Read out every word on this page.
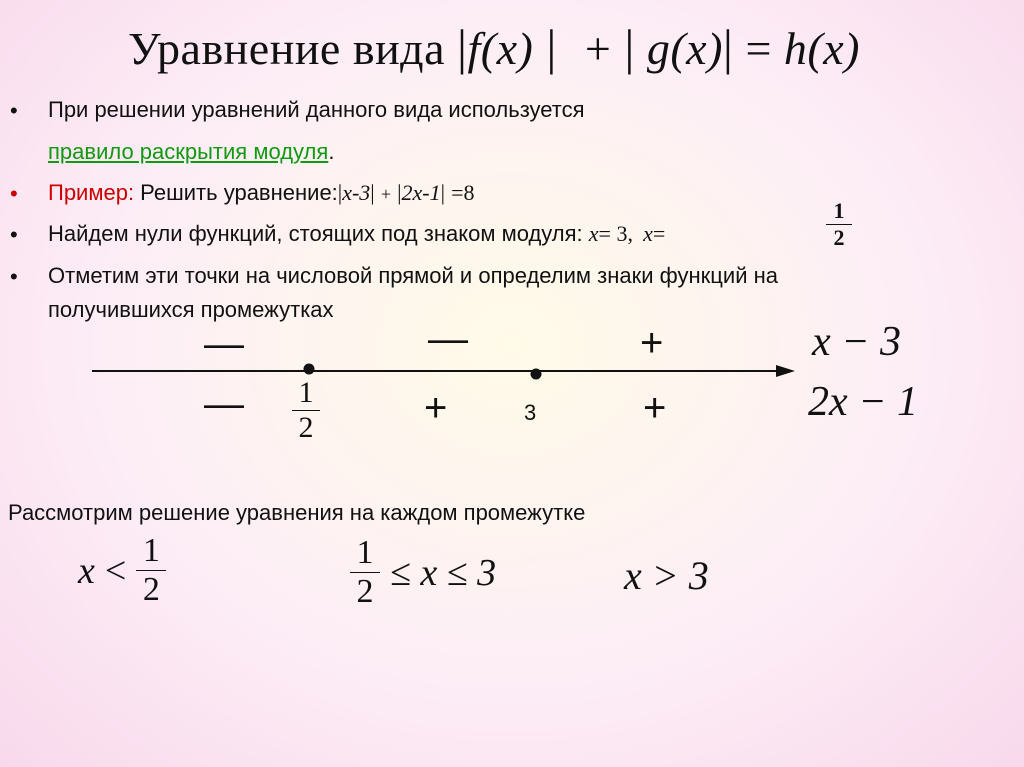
Уравнение вида |f(x) | + | g(x)| = h(x)
• При решении уравнений данного вида используется
правило раскрытия модуля.
• Пример: Решить уравнение:|x-3| + |2x-1| =8
• Найдем нули функций, стоящих под знаком модуля: x= 3, x=	$\frac{1}{2}$
• Отметим эти точки на числовой прямой и определим знаки функций на
получившихся промежутках
—	—	+
—	+	+
x − 3
2x − 1
$\frac{1}{2}$	3
Рассмотрим решение уравнения на каждом промежутке
$x < \frac{1}{2}$	$\frac{1}{2} \le x \le 3$	x > 3
